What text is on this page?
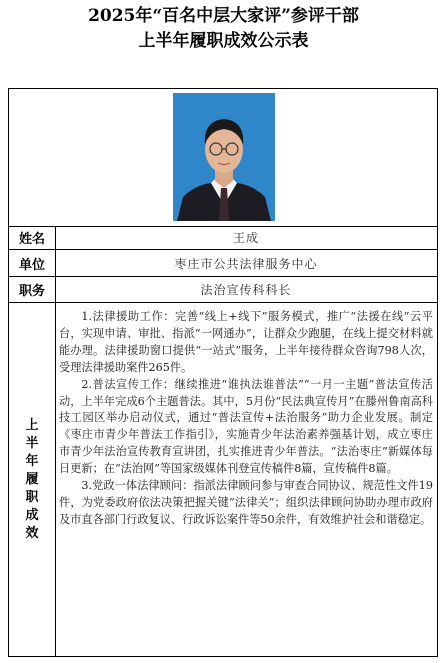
2025年“百名中层大家评”参评干部
上半年履职成效公示表
姓名	王成
单位	枣庄市公共法律服务中心
职务	法治宣传科科长
上
半
年
履
职
成
效

1.法律援助工作：完善“线上+线下”服务模式，推广“法援在线”云平台，实现申请、审批、指派“一网通办”，让群众少跑腿，在线上提交材料就能办理。法律援助窗口提供“一站式”服务，上半年接待群众咨询798人次，受理法律援助案件265件。

2.普法宣传工作：继续推进“谁执法谁普法”“一月一主题”普法宣传活动，上半年完成6个主题普法。其中，5月份“民法典宣传月”在滕州鲁南高科技工园区举办启动仪式，通过“普法宣传+法治服务”助力企业发展。制定《枣庄市青少年普法工作指引》，实施青少年法治素养强基计划，成立枣庄市青少年法治宣传教育宣讲团，扎实推进青少年普法。“法治枣庄”新媒体每日更新；在“法治网”等国家级媒体刊登宣传稿件8篇，宣传稿件8篇。

3.党政一体法律顾问：指派法律顾问参与审查合同协议、规范性文件19件，为党委政府依法决策把握关键“法律关”；组织法律顾问协助办理市政府及市直各部门行政复议、行政诉讼案件等50余件，有效维护社会和谐稳定。
